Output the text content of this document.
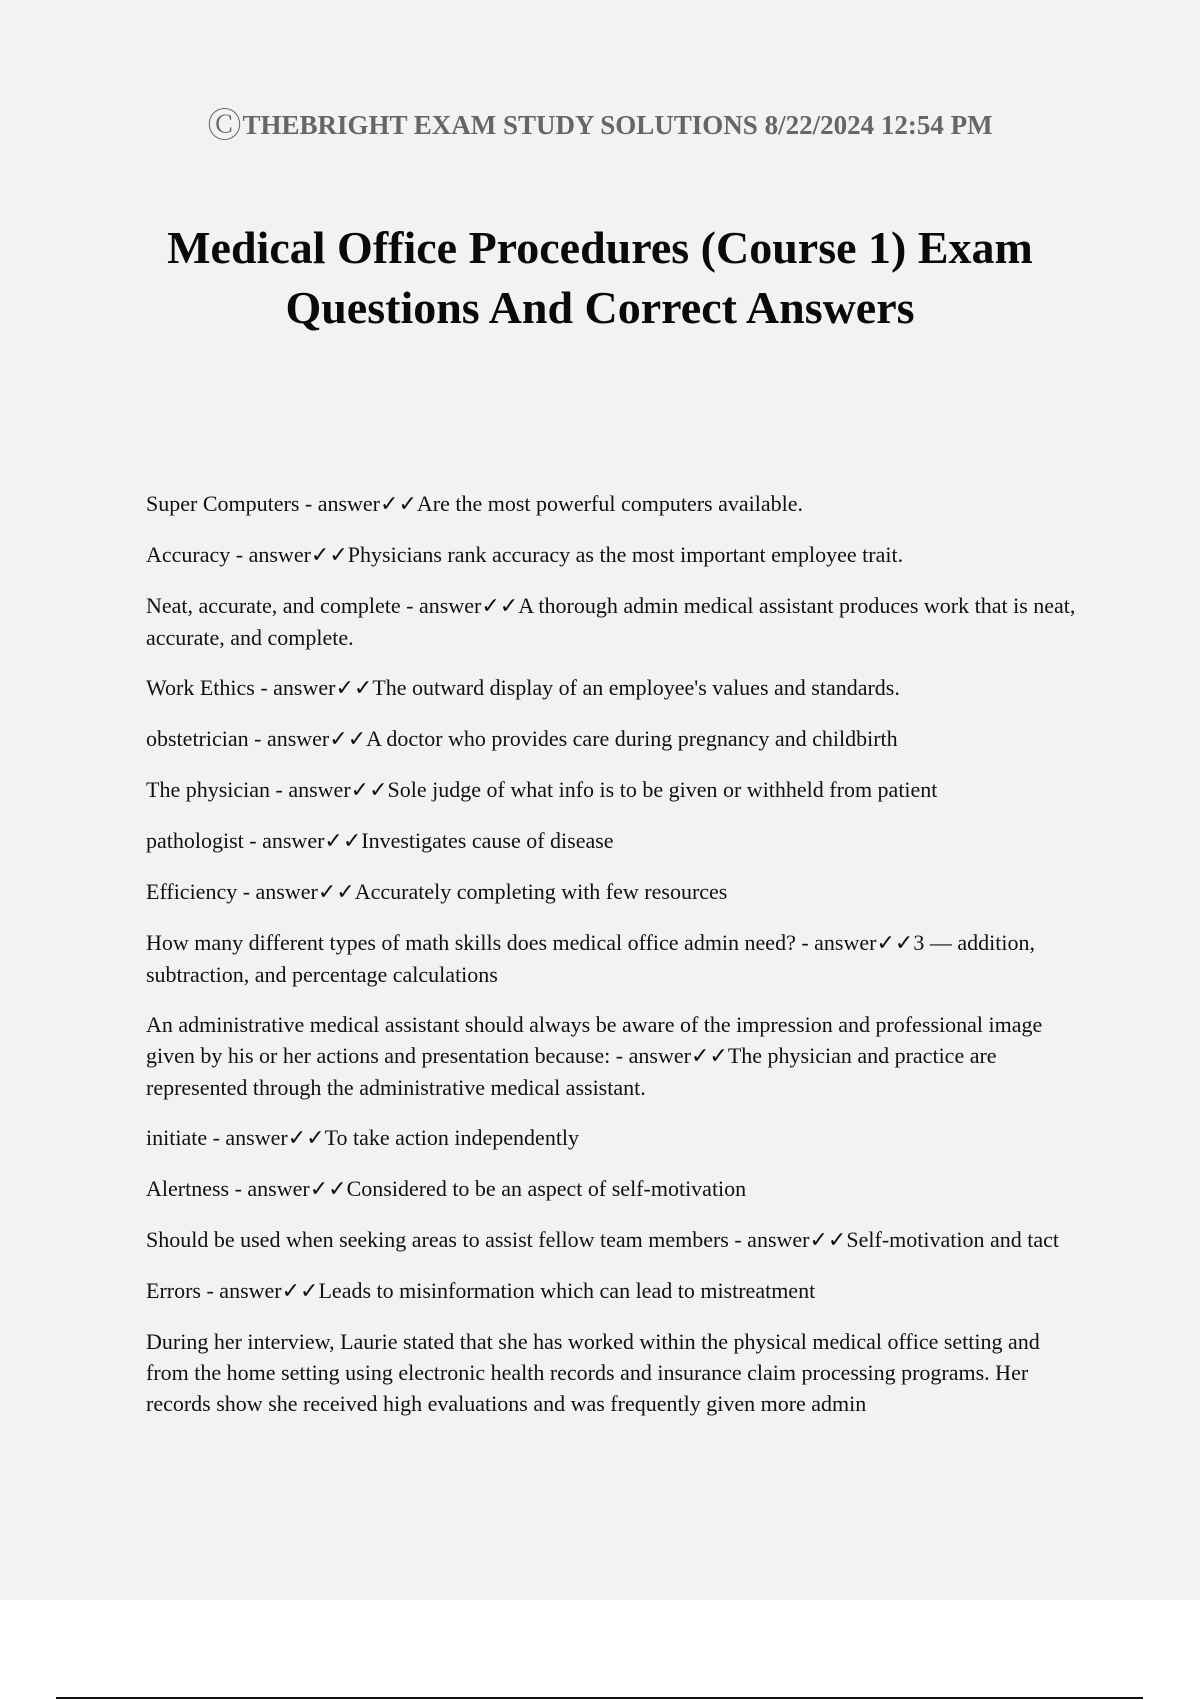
ⒸTHEBRIGHT EXAM STUDY SOLUTIONS 8/22/2024 12:54 PM
Medical Office Procedures (Course 1) Exam
Questions And Correct Answers
Super Computers - answer✓✓Are the most powerful computers available.
Accuracy - answer✓✓Physicians rank accuracy as the most important employee trait.
Neat, accurate, and complete - answer✓✓A thorough admin medical assistant produces work that is neat, accurate, and complete.
Work Ethics - answer✓✓The outward display of an employee's values and standards.
obstetrician - answer✓✓A doctor who provides care during pregnancy and childbirth
The physician - answer✓✓Sole judge of what info is to be given or withheld from patient
pathologist - answer✓✓Investigates cause of disease
Efficiency - answer✓✓Accurately completing with few resources
How many different types of math skills does medical office admin need? - answer✓✓3 — addition, subtraction, and percentage calculations
An administrative medical assistant should always be aware of the impression and professional image given by his or her actions and presentation because: - answer✓✓The physician and practice are represented through the administrative medical assistant.
initiate - answer✓✓To take action independently
Alertness - answer✓✓Considered to be an aspect of self-motivation
Should be used when seeking areas to assist fellow team members - answer✓✓Self-motivation and tact
Errors - answer✓✓Leads to misinformation which can lead to mistreatment
During her interview, Laurie stated that she has worked within the physical medical office setting and from the home setting using electronic health records and insurance claim processing programs. Her records show she received high evaluations and was frequently given more admin
